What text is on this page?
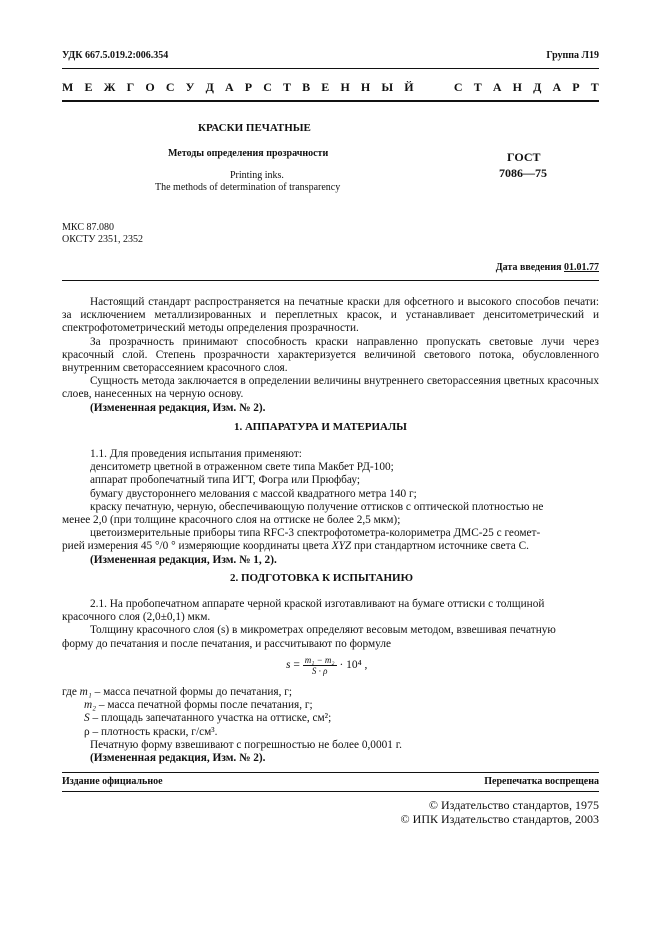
УДК 667.5.019.2:006.354	Группа Л19
М Е Ж Г О С У Д А Р С Т В Е Н Н Ы Й	С Т А Н Д А Р Т
КРАСКИ ПЕЧАТНЫЕ
Методы определения прозрачности
Printing inks.
The methods of determination of transparency
ГОСТ
7086—75
МКС 87.080
ОКСТУ 2351, 2352
Дата введения 01.01.77

Настоящий стандарт распространяется на печатные краски для офсетного и высокого способов печати: за исключением металлизированных и переплетных красок, и устанавливает денситометрический и спектрофотометрический методы определения прозрачности.

За прозрачность принимают способность краски направленно пропускать световые лучи через красочный слой. Степень прозрачности характеризуется величиной светового потока, обусловленного внутренним светорассеянием красочного слоя.

Сущность метода заключается в определении величины внутреннего светорассеяния цветных красочных слоев, нанесенных на черную основу.

(Измененная редакция, Изм. № 2).

1. АППАРАТУРА И МАТЕРИАЛЫ

1.1. Для проведения испытания применяют:

денситометр цветной в отраженном свете типа Макбет РД-100;

аппарат пробопечатный типа ИГТ, Фогра или Прюфбау;

бумагу двустороннего мелования с массой квадратного метра 140 г;

краску печатную, черную, обеспечивающую получение оттисков с оптической плотностью не

менее 2,0 (при толщине красочного слоя на оттиске не более 2,5 мкм);

цветоизмерительные приборы типа RFC-3 спектрофотометра-колориметра ДМС-25 с геомет-

рией измерения 45 °/0 ° измеряющие координаты цвета XYZ при стандартном источнике света С.

(Измененная редакция, Изм. № 1, 2).

2. ПОДГОТОВКА К ИСПЫТАНИЮ

2.1. На пробопечатном аппарате черной краской изготавливают на бумаге оттиски с толщиной

красочного слоя (2,0±0,1) мкм.

Толщину красочного слоя (s) в микрометрах определяют весовым методом, взвешивая печатную

форму до печатания и после печатания, и рассчитывают по формуле

$s = \frac{\text{m₁ − m₂}}{S \cdot \rho} \cdot 10^4$ ,

где m₁ – масса печатной формы до печатания, г;

m₂ – масса печатной формы после печатания, г;

S – площадь запечатанного участка на оттиске, см²;

ρ – плотность краски, г/см³.

Печатную форму взвешивают с погрешностью не более 0,0001 г.

(Измененная редакция, Изм. № 2).

Издание официальное	Перепечатка воспрещена
© Издательство стандартов, 1975
© ИПК Издательство стандартов, 2003
